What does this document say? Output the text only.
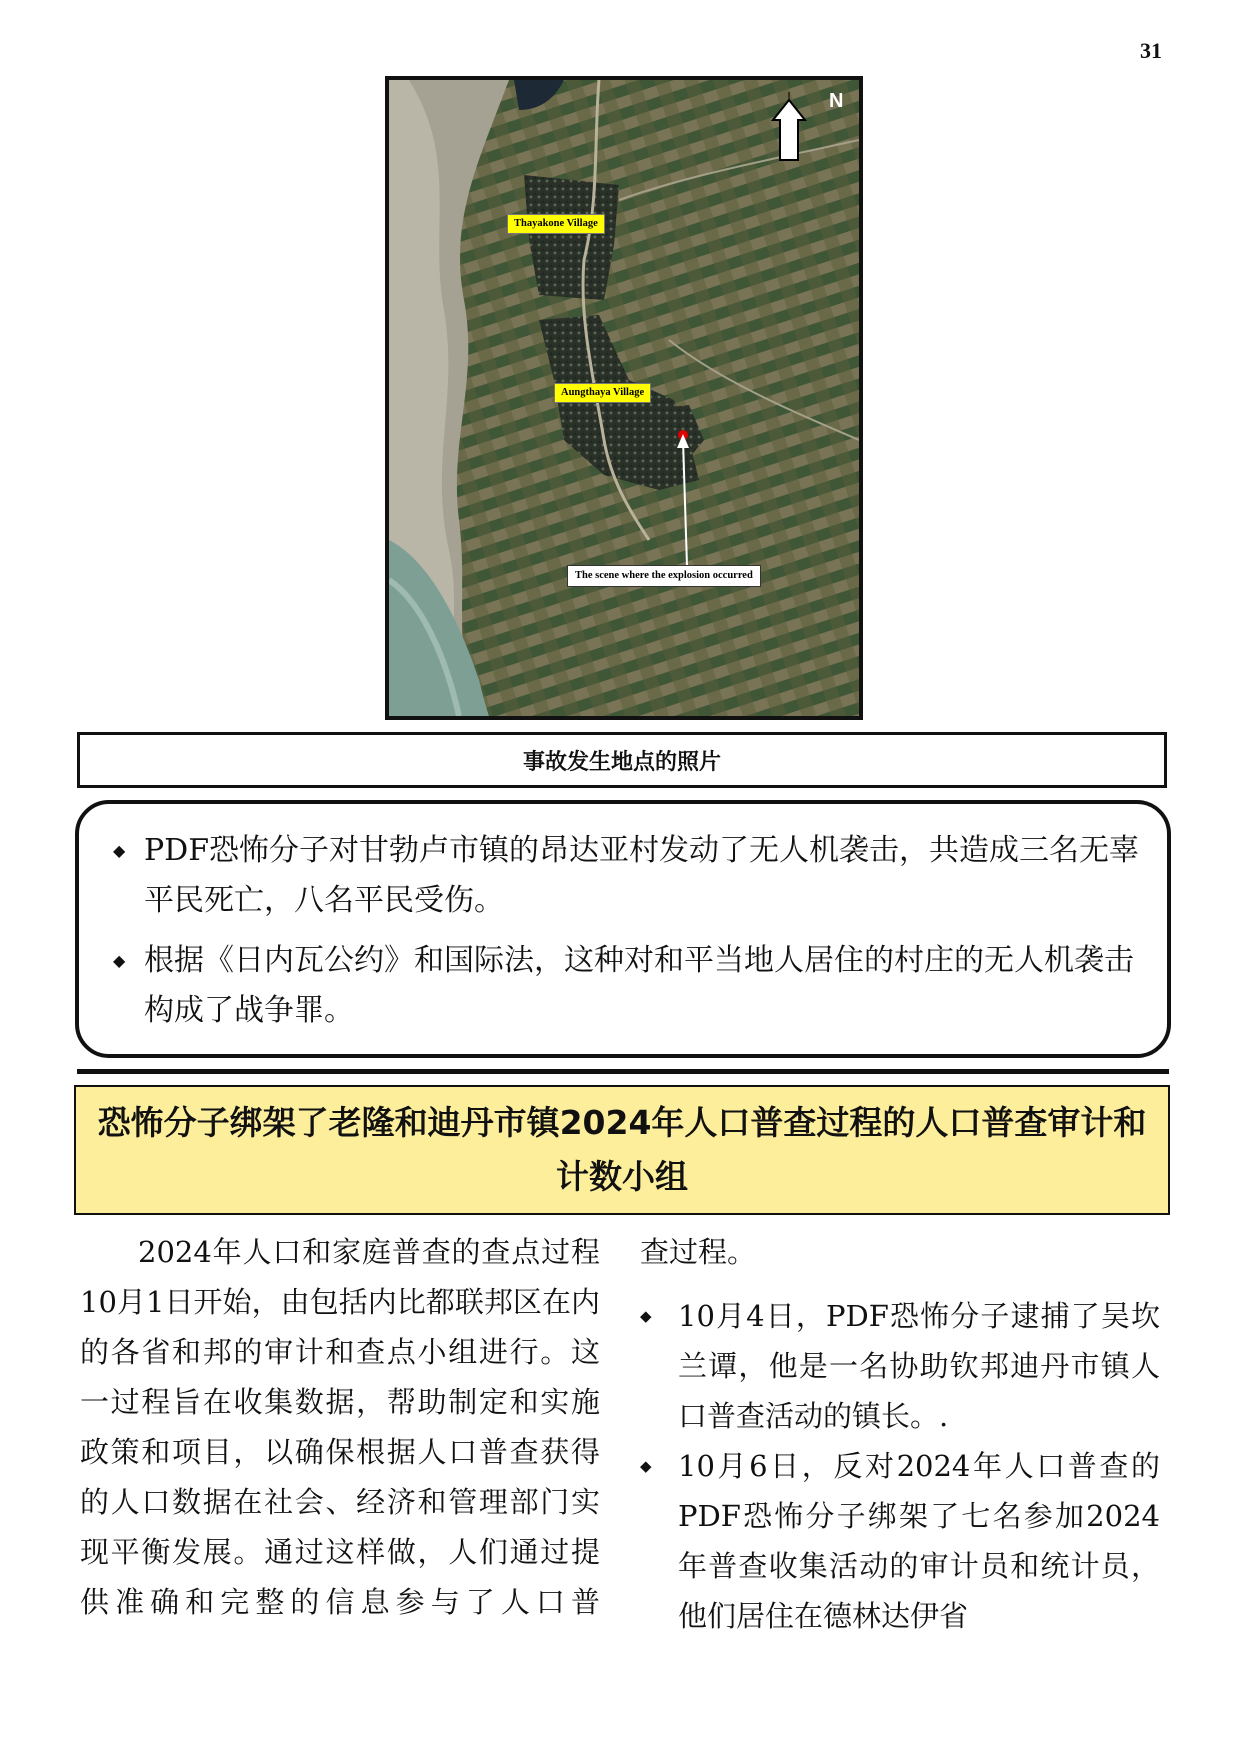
31
N
Thayakone Village
Aungthaya Village
The scene where the explosion occurred
事故发生地点的照片
◆ PDF恐怖分子对甘勃卢市镇的昂达亚村发动了无人机袭击，共造成三名无辜平民死亡，八名平民受伤。
◆ 根据《日内瓦公约》和国际法，这种对和平当地人居住的村庄的无人机袭击构成了战争罪。
恐怖分子绑架了老隆和迪丹市镇2024年人口普查过程的人口普查审计和计数小组
2024年人口和家庭普查的查点过程10月1日开始，由包括内比都联邦区在内的各省和邦的审计和查点小组进行。这一过程旨在收集数据，帮助制定和实施政策和项目，以确保根据人口普查获得的人口数据在社会、经济和管理部门实现平衡发展。通过这样做，人们通过提供准确和完整的信息参与了人口普
查过程。
◆ 10月4日，PDF恐怖分子逮捕了吴坎兰谭，他是一名协助钦邦迪丹市镇人口普查活动的镇长。.
◆ 10月6日，反对2024年人口普查的PDF恐怖分子绑架了七名参加2024年普查收集活动的审计员和统计员，他们居住在德林达伊省
